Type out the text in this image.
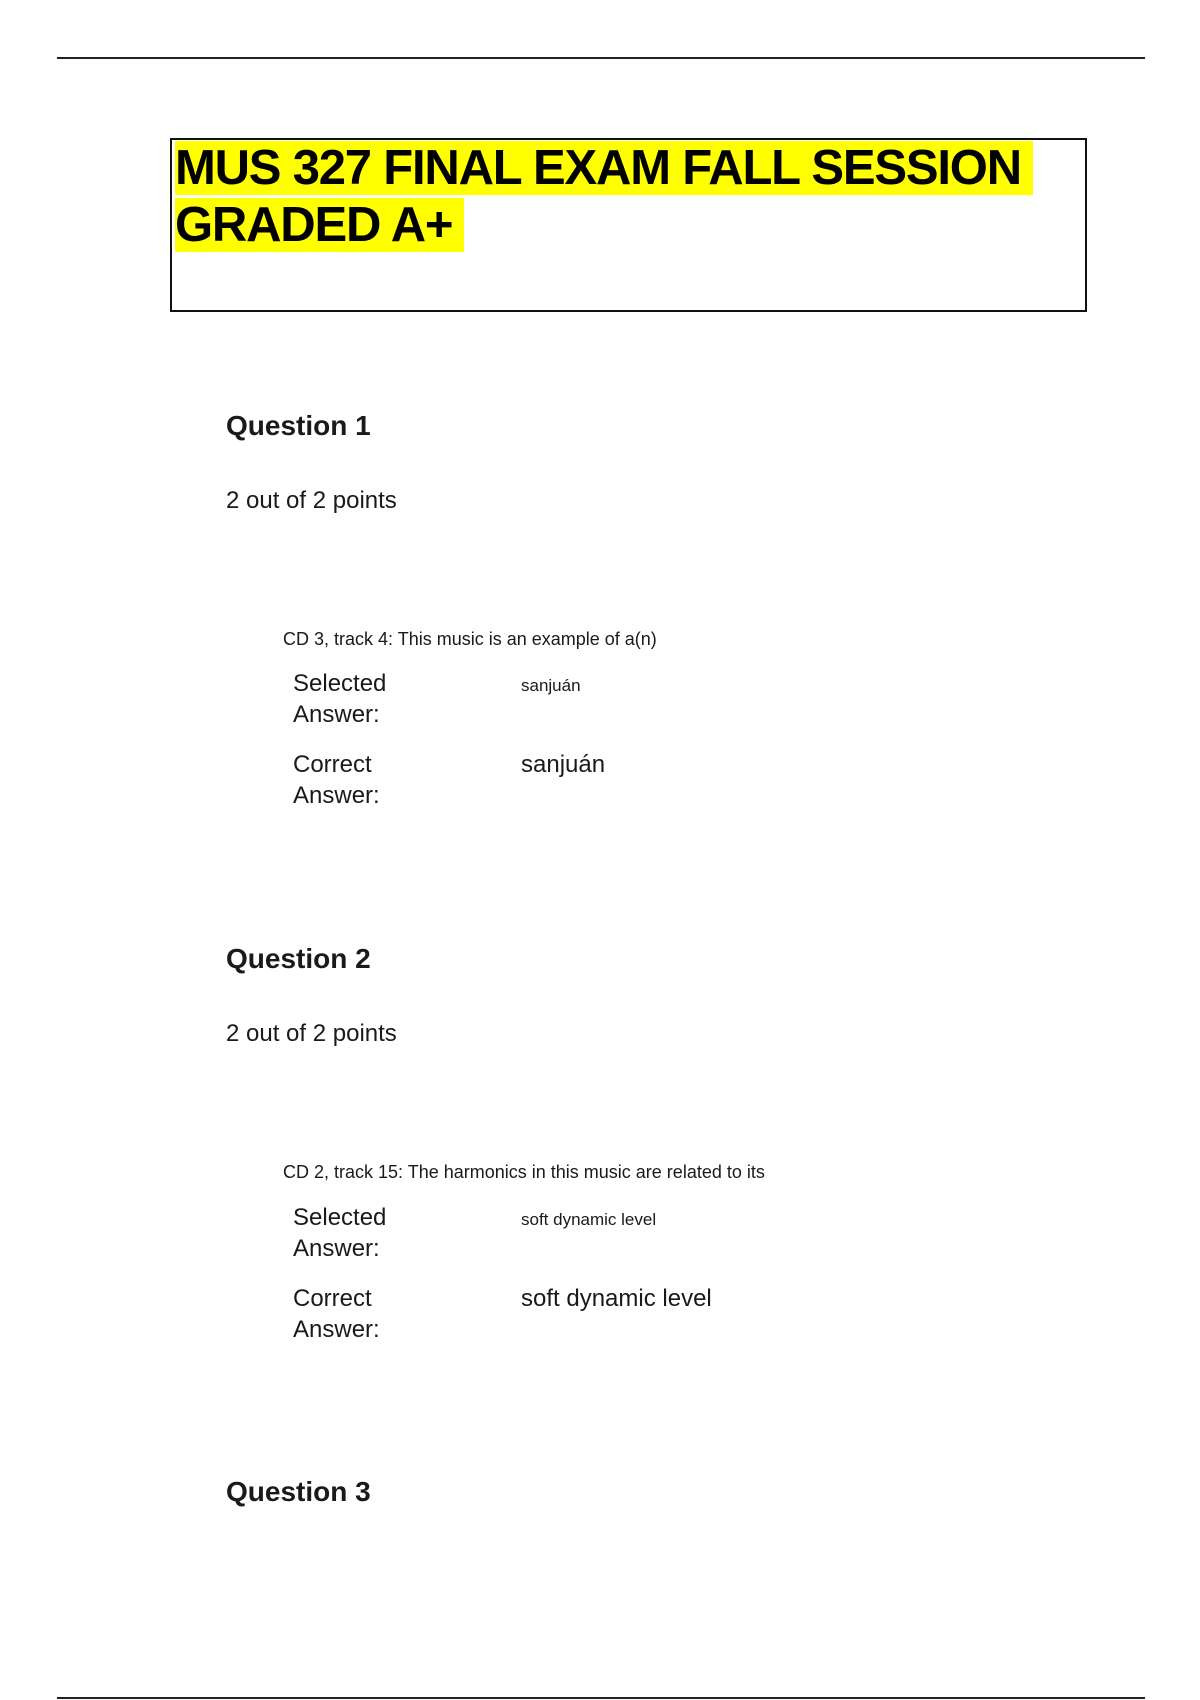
MUS 327 FINAL EXAM FALL SESSION
GRADED A+
Question 1
2 out of 2 points
CD 3, track 4: This music is an example of a(n)
Selected Answer:
sanjuán
Correct Answer:
sanjuán
Question 2
2 out of 2 points
CD 2, track 15: The harmonics in this music are related to its
Selected Answer:
soft dynamic level
Correct Answer:
soft dynamic level
Question 3
